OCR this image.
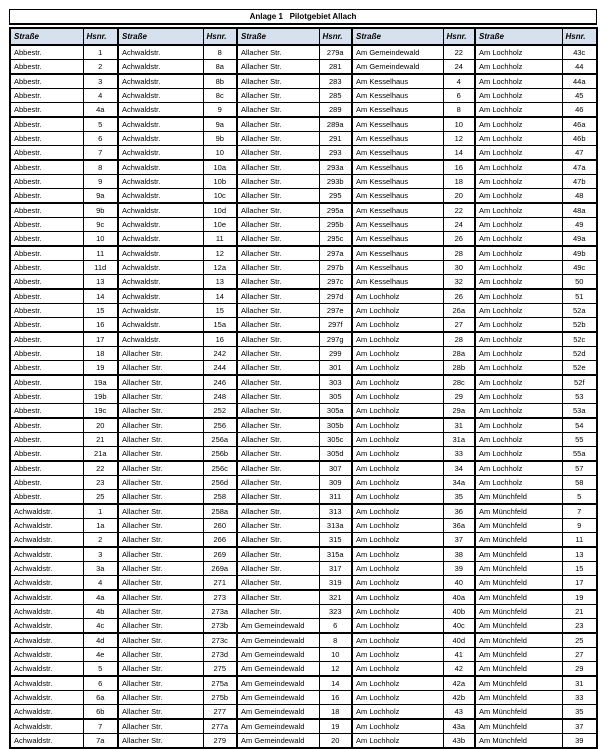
Anlage 1   Pilotgebiet Allach
Straße	Hsnr.	Straße	Hsnr.	Straße	Hsnr.	Straße	Hsnr.	Straße	Hsnr.
Abbestr.	1	Achwaldstr.	8	Allacher Str.	279a	Am Gemeindewald	22	Am Lochholz	43c
Abbestr.	2	Achwaldstr.	8a	Allacher Str.	281	Am Gemeindewald	24	Am Lochholz	44
Abbestr.	3	Achwaldstr.	8b	Allacher Str.	283	Am Kesselhaus	4	Am Lochholz	44a
Abbestr.	4	Achwaldstr.	8c	Allacher Str.	285	Am Kesselhaus	6	Am Lochholz	45
Abbestr.	4a	Achwaldstr.	9	Allacher Str.	289	Am Kesselhaus	8	Am Lochholz	46
Abbestr.	5	Achwaldstr.	9a	Allacher Str.	289a	Am Kesselhaus	10	Am Lochholz	46a
Abbestr.	6	Achwaldstr.	9b	Allacher Str.	291	Am Kesselhaus	12	Am Lochholz	46b
Abbestr.	7	Achwaldstr.	10	Allacher Str.	293	Am Kesselhaus	14	Am Lochholz	47
Abbestr.	8	Achwaldstr.	10a	Allacher Str.	293a	Am Kesselhaus	16	Am Lochholz	47a
Abbestr.	9	Achwaldstr.	10b	Allacher Str.	293b	Am Kesselhaus	18	Am Lochholz	47b
Abbestr.	9a	Achwaldstr.	10c	Allacher Str.	295	Am Kesselhaus	20	Am Lochholz	48
Abbestr.	9b	Achwaldstr.	10d	Allacher Str.	295a	Am Kesselhaus	22	Am Lochholz	48a
Abbestr.	9c	Achwaldstr.	10e	Allacher Str.	295b	Am Kesselhaus	24	Am Lochholz	49
Abbestr.	10	Achwaldstr.	11	Allacher Str.	295c	Am Kesselhaus	26	Am Lochholz	49a
Abbestr.	11	Achwaldstr.	12	Allacher Str.	297a	Am Kesselhaus	28	Am Lochholz	49b
Abbestr.	11d	Achwaldstr.	12a	Allacher Str.	297b	Am Kesselhaus	30	Am Lochholz	49c
Abbestr.	13	Achwaldstr.	13	Allacher Str.	297c	Am Kesselhaus	32	Am Lochholz	50
Abbestr.	14	Achwaldstr.	14	Allacher Str.	297d	Am Lochholz	26	Am Lochholz	51
Abbestr.	15	Achwaldstr.	15	Allacher Str.	297e	Am Lochholz	26a	Am Lochholz	52a
Abbestr.	16	Achwaldstr.	15a	Allacher Str.	297f	Am Lochholz	27	Am Lochholz	52b
Abbestr.	17	Achwaldstr.	16	Allacher Str.	297g	Am Lochholz	28	Am Lochholz	52c
Abbestr.	18	Allacher Str.	242	Allacher Str.	299	Am Lochholz	28a	Am Lochholz	52d
Abbestr.	19	Allacher Str.	244	Allacher Str.	301	Am Lochholz	28b	Am Lochholz	52e
Abbestr.	19a	Allacher Str.	246	Allacher Str.	303	Am Lochholz	28c	Am Lochholz	52f
Abbestr.	19b	Allacher Str.	248	Allacher Str.	305	Am Lochholz	29	Am Lochholz	53
Abbestr.	19c	Allacher Str.	252	Allacher Str.	305a	Am Lochholz	29a	Am Lochholz	53a
Abbestr.	20	Allacher Str.	256	Allacher Str.	305b	Am Lochholz	31	Am Lochholz	54
Abbestr.	21	Allacher Str.	256a	Allacher Str.	305c	Am Lochholz	31a	Am Lochholz	55
Abbestr.	21a	Allacher Str.	256b	Allacher Str.	305d	Am Lochholz	33	Am Lochholz	55a
Abbestr.	22	Allacher Str.	256c	Allacher Str.	307	Am Lochholz	34	Am Lochholz	57
Abbestr.	23	Allacher Str.	256d	Allacher Str.	309	Am Lochholz	34a	Am Lochholz	58
Abbestr.	25	Allacher Str.	258	Allacher Str.	311	Am Lochholz	35	Am Münchfeld	5
Achwaldstr.	1	Allacher Str.	258a	Allacher Str.	313	Am Lochholz	36	Am Münchfeld	7
Achwaldstr.	1a	Allacher Str.	260	Allacher Str.	313a	Am Lochholz	36a	Am Münchfeld	9
Achwaldstr.	2	Allacher Str.	266	Allacher Str.	315	Am Lochholz	37	Am Münchfeld	11
Achwaldstr.	3	Allacher Str.	269	Allacher Str.	315a	Am Lochholz	38	Am Münchfeld	13
Achwaldstr.	3a	Allacher Str.	269a	Allacher Str.	317	Am Lochholz	39	Am Münchfeld	15
Achwaldstr.	4	Allacher Str.	271	Allacher Str.	319	Am Lochholz	40	Am Münchfeld	17
Achwaldstr.	4a	Allacher Str.	273	Allacher Str.	321	Am Lochholz	40a	Am Münchfeld	19
Achwaldstr.	4b	Allacher Str.	273a	Allacher Str.	323	Am Lochholz	40b	Am Münchfeld	21
Achwaldstr.	4c	Allacher Str.	273b	Am Gemeindewald	6	Am Lochholz	40c	Am Münchfeld	23
Achwaldstr.	4d	Allacher Str.	273c	Am Gemeindewald	8	Am Lochholz	40d	Am Münchfeld	25
Achwaldstr.	4e	Allacher Str.	273d	Am Gemeindewald	10	Am Lochholz	41	Am Münchfeld	27
Achwaldstr.	5	Allacher Str.	275	Am Gemeindewald	12	Am Lochholz	42	Am Münchfeld	29
Achwaldstr.	6	Allacher Str.	275a	Am Gemeindewald	14	Am Lochholz	42a	Am Münchfeld	31
Achwaldstr.	6a	Allacher Str.	275b	Am Gemeindewald	16	Am Lochholz	42b	Am Münchfeld	33
Achwaldstr.	6b	Allacher Str.	277	Am Gemeindewald	18	Am Lochholz	43	Am Münchfeld	35
Achwaldstr.	7	Allacher Str.	277a	Am Gemeindewald	19	Am Lochholz	43a	Am Münchfeld	37
Achwaldstr.	7a	Allacher Str.	279	Am Gemeindewald	20	Am Lochholz	43b	Am Münchfeld	39
